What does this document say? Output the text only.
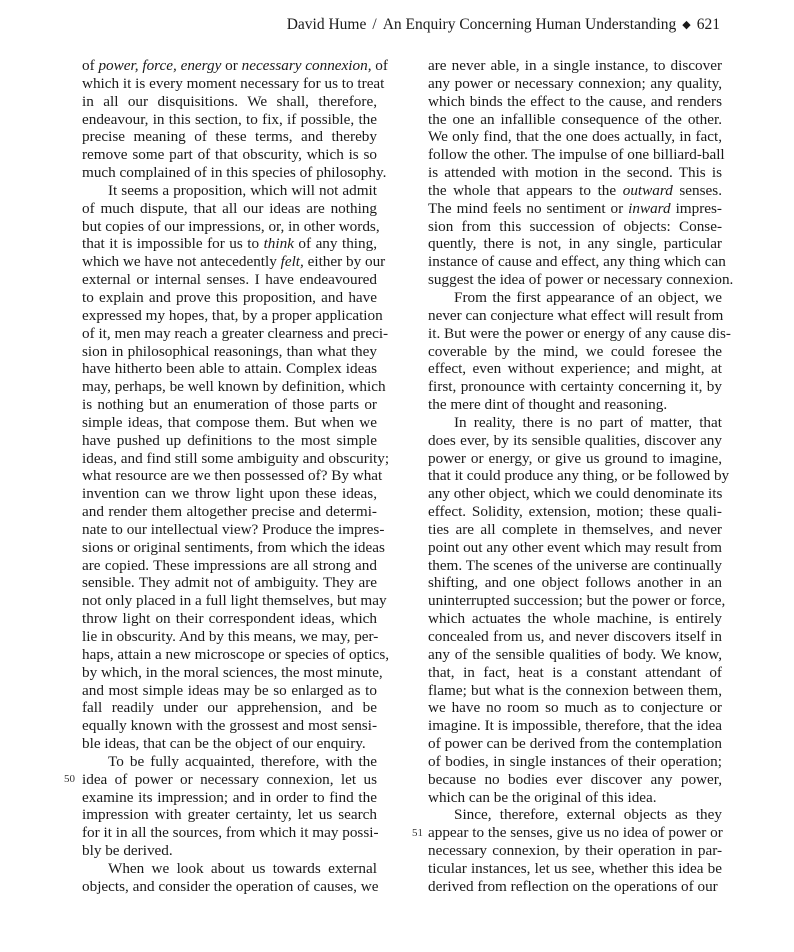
David Hume / An Enquiry Concerning Human Understanding ◆ 621
of power, force, energy or necessary connexion, of
which it is every moment necessary for us to treat
in all our disquisitions. We shall, therefore,
endeavour, in this section, to fix, if possible, the
precise meaning of these terms, and thereby
remove some part of that obscurity, which is so
much complained of in this species of philosophy.
It seems a proposition, which will not admit
of much dispute, that all our ideas are nothing
but copies of our impressions, or, in other words,
that it is impossible for us to think of any thing,
which we have not antecedently felt, either by our
external or internal senses. I have endeavoured
to explain and prove this proposition, and have
expressed my hopes, that, by a proper application
of it, men may reach a greater clearness and preci-
sion in philosophical reasonings, than what they
have hitherto been able to attain. Complex ideas
may, perhaps, be well known by definition, which
is nothing but an enumeration of those parts or
simple ideas, that compose them. But when we
have pushed up definitions to the most simple
ideas, and find still some ambiguity and obscurity;
what resource are we then possessed of? By what
invention can we throw light upon these ideas,
and render them altogether precise and determi-
nate to our intellectual view? Produce the impres-
sions or original sentiments, from which the ideas
are copied. These impressions are all strong and
sensible. They admit not of ambiguity. They are
not only placed in a full light themselves, but may
throw light on their correspondent ideas, which
lie in obscurity. And by this means, we may, per-
haps, attain a new microscope or species of optics,
by which, in the moral sciences, the most minute,
and most simple ideas may be so enlarged as to
fall readily under our apprehension, and be
equally known with the grossest and most sensi-
ble ideas, that can be the object of our enquiry.
To be fully acquainted, therefore, with the
idea of power or necessary connexion, let us
examine its impression; and in order to find the
impression with greater certainty, let us search
for it in all the sources, from which it may possi-
bly be derived.
When we look about us towards external
objects, and consider the operation of causes, we
are never able, in a single instance, to discover
any power or necessary connexion; any quality,
which binds the effect to the cause, and renders
the one an infallible consequence of the other.
We only find, that the one does actually, in fact,
follow the other. The impulse of one billiard-ball
is attended with motion in the second. This is
the whole that appears to the outward senses.
The mind feels no sentiment or inward impres-
sion from this succession of objects: Conse-
quently, there is not, in any single, particular
instance of cause and effect, any thing which can
suggest the idea of power or necessary connexion.
From the first appearance of an object, we
never can conjecture what effect will result from
it. But were the power or energy of any cause dis-
coverable by the mind, we could foresee the
effect, even without experience; and might, at
first, pronounce with certainty concerning it, by
the mere dint of thought and reasoning.
In reality, there is no part of matter, that
does ever, by its sensible qualities, discover any
power or energy, or give us ground to imagine,
that it could produce any thing, or be followed by
any other object, which we could denominate its
effect. Solidity, extension, motion; these quali-
ties are all complete in themselves, and never
point out any other event which may result from
them. The scenes of the universe are continually
shifting, and one object follows another in an
uninterrupted succession; but the power or force,
which actuates the whole machine, is entirely
concealed from us, and never discovers itself in
any of the sensible qualities of body. We know,
that, in fact, heat is a constant attendant of
flame; but what is the connexion between them,
we have no room so much as to conjecture or
imagine. It is impossible, therefore, that the idea
of power can be derived from the contemplation
of bodies, in single instances of their operation;
because no bodies ever discover any power,
which can be the original of this idea.
Since, therefore, external objects as they
appear to the senses, give us no idea of power or
necessary connexion, by their operation in par-
ticular instances, let us see, whether this idea be
derived from reflection on the operations of our
50
51
